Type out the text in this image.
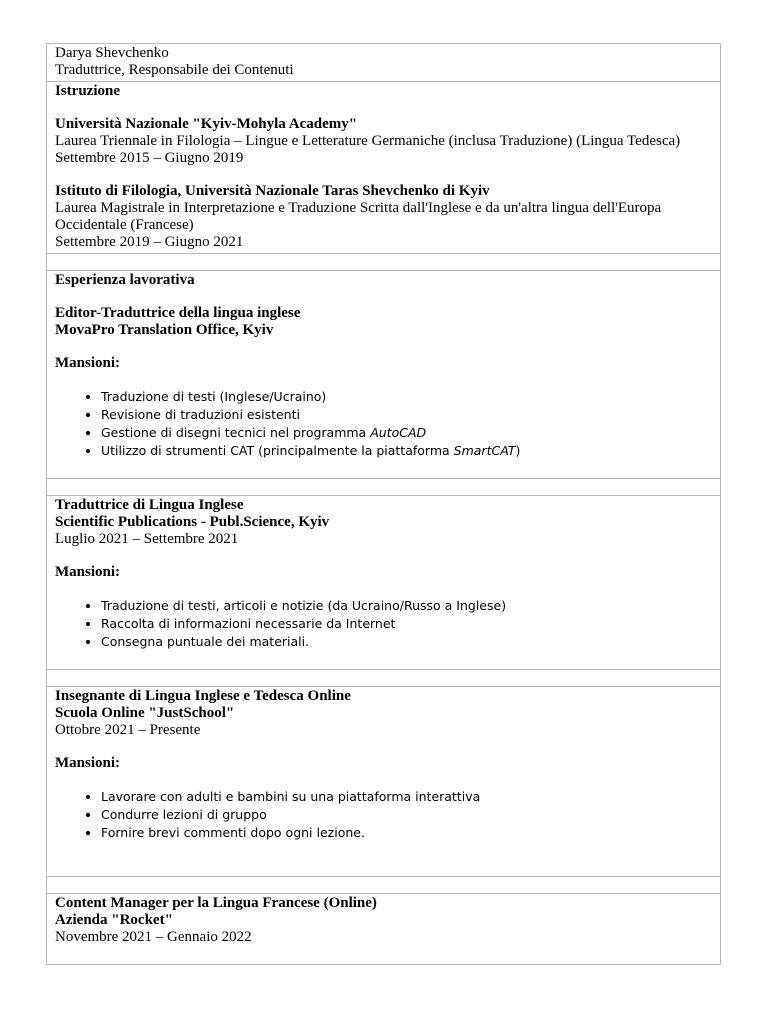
Darya Shevchenko
Traduttrice, Responsabile dei Contenuti
Istruzione
Università Nazionale "Kyiv-Mohyla Academy"
Laurea Triennale in Filologia – Lingue e Letterature Germaniche (inclusa Traduzione) (Lingua Tedesca)
Settembre 2015 – Giugno 2019
Istituto di Filologia, Università Nazionale Taras Shevchenko di Kyiv
Laurea Magistrale in Interpretazione e Traduzione Scritta dall'Inglese e da un'altra lingua dell'Europa
Occidentale (Francese)
Settembre 2019 – Giugno 2021
Esperienza lavorativa
Editor-Traduttrice della lingua inglese
MovaPro Translation Office, Kyiv
Mansioni:
• Traduzione di testi (Inglese/Ucraino)
• Revisione di traduzioni esistenti
• Gestione di disegni tecnici nel programma AutoCAD
• Utilizzo di strumenti CAT (principalmente la piattaforma SmartCAT)
Traduttrice di Lingua Inglese
Scientific Publications - Publ.Science, Kyiv
Luglio 2021 – Settembre 2021
Mansioni:
• Traduzione di testi, articoli e notizie (da Ucraino/Russo a Inglese)
• Raccolta di informazioni necessarie da Internet
• Consegna puntuale dei materiali.
Insegnante di Lingua Inglese e Tedesca Online
Scuola Online "JustSchool"
Ottobre 2021 – Presente
Mansioni:
• Lavorare con adulti e bambini su una piattaforma interattiva
• Condurre lezioni di gruppo
• Fornire brevi commenti dopo ogni lezione.
Content Manager per la Lingua Francese (Online)
Azienda "Rocket"
Novembre 2021 – Gennaio 2022
